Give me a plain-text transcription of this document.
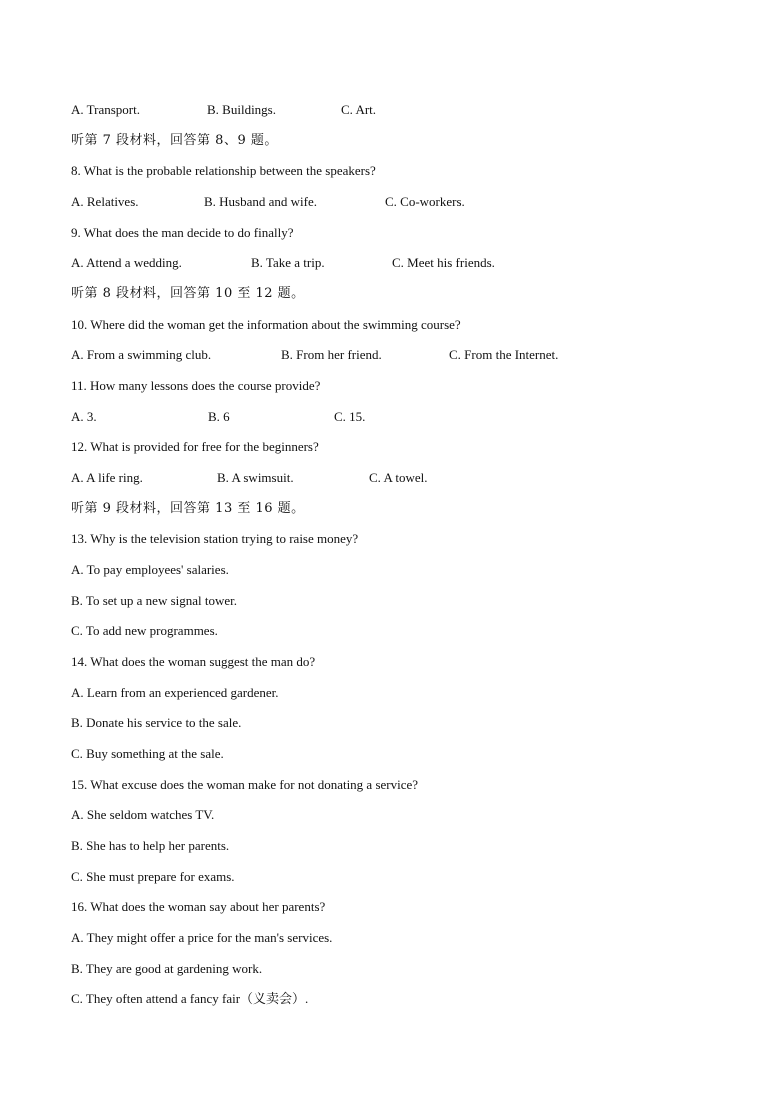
A. Transport.	B. Buildings.	C. Art.
听第 7 段材料，回答第 8、9 题。
8. What is the probable relationship between the speakers?
A. Relatives.	B. Husband and wife.	C. Co-workers.
9. What does the man decide to do finally?
A. Attend a wedding.	B. Take a trip.	C. Meet his friends.
听第 8 段材料，回答第 10 至 12 题。
10. Where did the woman get the information about the swimming course?
A. From a swimming club.	B. From her friend.	C. From the Internet.
11. How many lessons does the course provide?
A. 3.	B. 6	C. 15.
12. What is provided for free for the beginners?
A. A life ring.	B. A swimsuit.	C. A towel.
听第 9 段材料，回答第 13 至 16 题。
13. Why is the television station trying to raise money?
A. To pay employees' salaries.
B. To set up a new signal tower.
C. To add new programmes.
14. What does the woman suggest the man do?
A. Learn from an experienced gardener.
B. Donate his service to the sale.
C. Buy something at the sale.
15. What excuse does the woman make for not donating a service?
A. She seldom watches TV.
B. She has to help her parents.
C. She must prepare for exams.
16. What does the woman say about her parents?
A. They might offer a price for the man's services.
B. They are good at gardening work.
C. They often attend a fancy fair（义卖会）.
